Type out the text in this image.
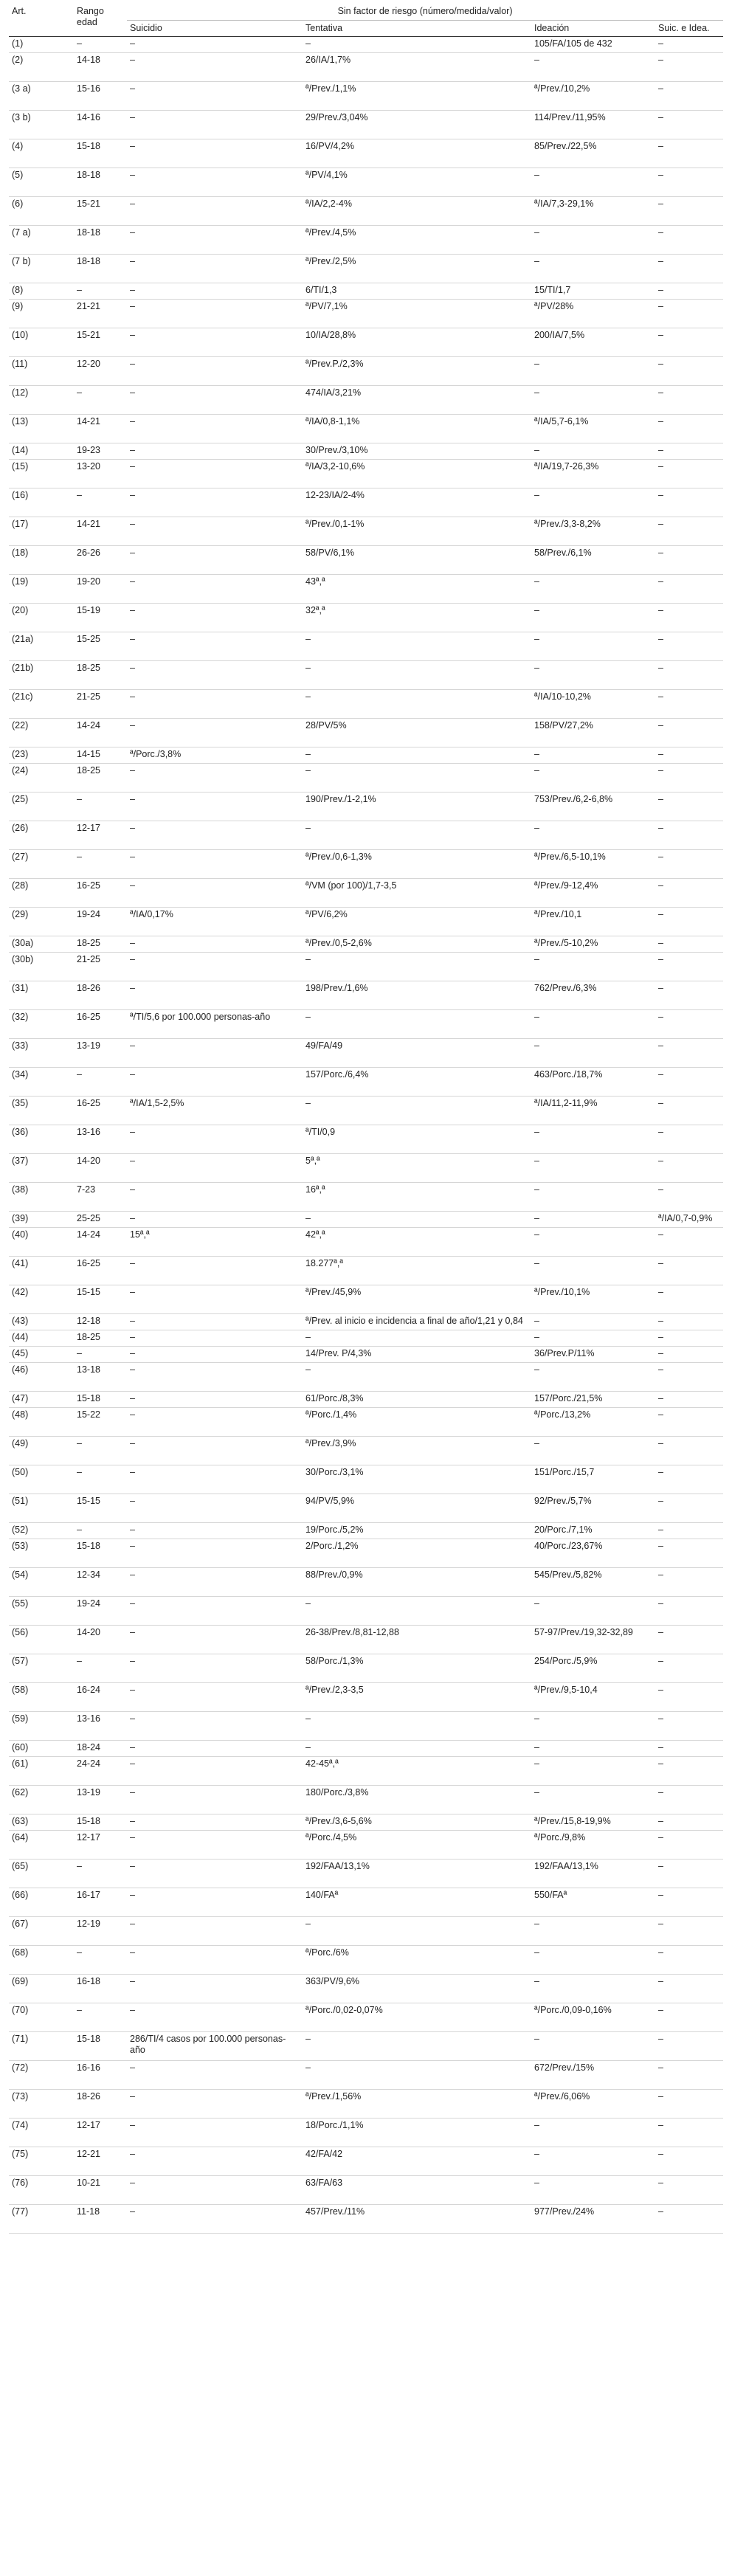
Art.	Rango edad	Sin factor de riesgo (número/medida/valor)			
		Suicidio	Tentativa	Ideación	Suic. e Idea.
(1)	–	–	–	105/FA/105 de 432	–
(2)	14-18	–	26/IA/1,7%	–	–
(3 a)	15-16	–	ª/Prev./1,1%	ª/Prev./10,2%	–
(3 b)	14-16	–	29/Prev./3,04%	114/Prev./11,95%	–
(4)	15-18	–	16/PV/4,2%	85/Prev./22,5%	–
(5)	18-18	–	ª/PV/4,1%	–	–
(6)	15-21	–	ª/IA/2,2-4%	ª/IA/7,3-29,1%	–
(7 a)	18-18	–	ª/Prev./4,5%	–	–
(7 b)	18-18	–	ª/Prev./2,5%	–	–
(8)	–	–	6/TI/1,3	15/TI/1,7	–
(9)	21-21	–	ª/PV/7,1%	ª/PV/28%	–
(10)	15-21	–	10/IA/28,8%	200/IA/7,5%	–
(11)	12-20	–	ª/Prev.P./2,3%	–	–
(12)	–	–	474/IA/3,21%	–	–
(13)	14-21	–	ª/IA/0,8-1,1%	ª/IA/5,7-6,1%	–
(14)	19-23	–	30/Prev./3,10%	–	–
(15)	13-20	–	ª/IA/3,2-10,6%	ª/IA/19,7-26,3%	–
(16)	–	–	12-23/IA/2-4%	–	–
(17)	14-21	–	ª/Prev./0,1-1%	ª/Prev./3,3-8,2%	–
(18)	26-26	–	58/PV/6,1%	58/Prev./6,1%	–
(19)	19-20	–	43ª,ª	–	–
(20)	15-19	–	32ª,ª	–	–
(21a)	15-25	–	–	–	–
(21b)	18-25	–	–	–	–
(21c)	21-25	–	–	ª/IA/10-10,2%	–
(22)	14-24	–	28/PV/5%	158/PV/27,2%	–
(23)	14-15	ª/Porc./3,8%	–	–	–
(24)	18-25	–	–	–	–
(25)	–	–	190/Prev./1-2,1%	753/Prev./6,2-6,8%	–
(26)	12-17	–	–	–	–
(27)	–	–	ª/Prev./0,6-1,3%	ª/Prev./6,5-10,1%	–
(28)	16-25	–	ª/VM (por 100)/1,7-3,5	ª/Prev./9-12,4%	–
(29)	19-24	ª/IA/0,17%	ª/PV/6,2%	ª/Prev./10,1	–
(30a)	18-25	–	ª/Prev./0,5-2,6%	ª/Prev./5-10,2%	–
(30b)	21-25	–	–	–	–
(31)	18-26	–	198/Prev./1,6%	762/Prev./6,3%	–
(32)	16-25	ª/TI/5,6 por 100.000 personas-año	–	–	–
(33)	13-19	–	49/FA/49	–	–
(34)	–	–	157/Porc./6,4%	463/Porc./18,7%	–
(35)	16-25	ª/IA/1,5-2,5%	–	ª/IA/11,2-11,9%	–
(36)	13-16	–	ª/TI/0,9	–	–
(37)	14-20	–	5ª,ª	–	–
(38)	7-23	–	16ª,ª	–	–
(39)	25-25	–	–	–	ª/IA/0,7-0,9%
(40)	14-24	15ª,ª	42ª,ª	–	–
(41)	16-25	–	18.277ª,ª	–	–
(42)	15-15	–	ª/Prev./45,9%	ª/Prev./10,1%	–
(43)	12-18	–	ª/Prev. al inicio e incidencia a final de año/1,21 y 0,84	–	–
(44)	18-25	–	–	–	–
(45)	–	–	14/Prev. P/4,3%	36/Prev.P/11%	–
(46)	13-18	–	–	–	–
(47)	15-18	–	61/Porc./8,3%	157/Porc./21,5%	–
(48)	15-22	–	ª/Porc./1,4%	ª/Porc./13,2%	–
(49)	–	–	ª/Prev./3,9%	–	–
(50)	–	–	30/Porc./3,1%	151/Porc./15,7	–
(51)	15-15	–	94/PV/5,9%	92/Prev./5,7%	–
(52)	–	–	19/Porc./5,2%	20/Porc./7,1%	–
(53)	15-18	–	2/Porc./1,2%	40/Porc./23,67%	–
(54)	12-34	–	88/Prev./0,9%	545/Prev./5,82%	–
(55)	19-24	–	–	–	–
(56)	14-20	–	26-38/Prev./8,81-12,88	57-97/Prev./19,32-32,89	–
(57)	–	–	58/Porc./1,3%	254/Porc./5,9%	–
(58)	16-24	–	ª/Prev./2,3-3,5	ª/Prev./9,5-10,4	–
(59)	13-16	–	–	–	–
(60)	18-24	–	–	–	–
(61)	24-24	–	42-45ª,ª	–	–
(62)	13-19	–	180/Porc./3,8%	–	–
(63)	15-18	–	ª/Prev./3,6-5,6%	ª/Prev./15,8-19,9%	–
(64)	12-17	–	ª/Porc./4,5%	ª/Porc./9,8%	–
(65)	–	–	192/FAA/13,1%	192/FAA/13,1%	–
(66)	16-17	–	140/FAª	550/FAª	–
(67)	12-19	–	–	–	–
(68)	–	–	ª/Porc./6%	–	–
(69)	16-18	–	363/PV/9,6%	–	–
(70)	–	–	ª/Porc./0,02-0,07%	ª/Porc./0,09-0,16%	–
(71)	15-18	286/TI/4 casos por 100.000 personas-año	–	–	–
(72)	16-16	–	–	672/Prev./15%	–
(73)	18-26	–	ª/Prev./1,56%	ª/Prev./6,06%	–
(74)	12-17	–	18/Porc./1,1%	–	–
(75)	12-21	–	42/FA/42	–	–
(76)	10-21	–	63/FA/63	–	–
(77)	11-18	–	457/Prev./11%	977/Prev./24%	–
